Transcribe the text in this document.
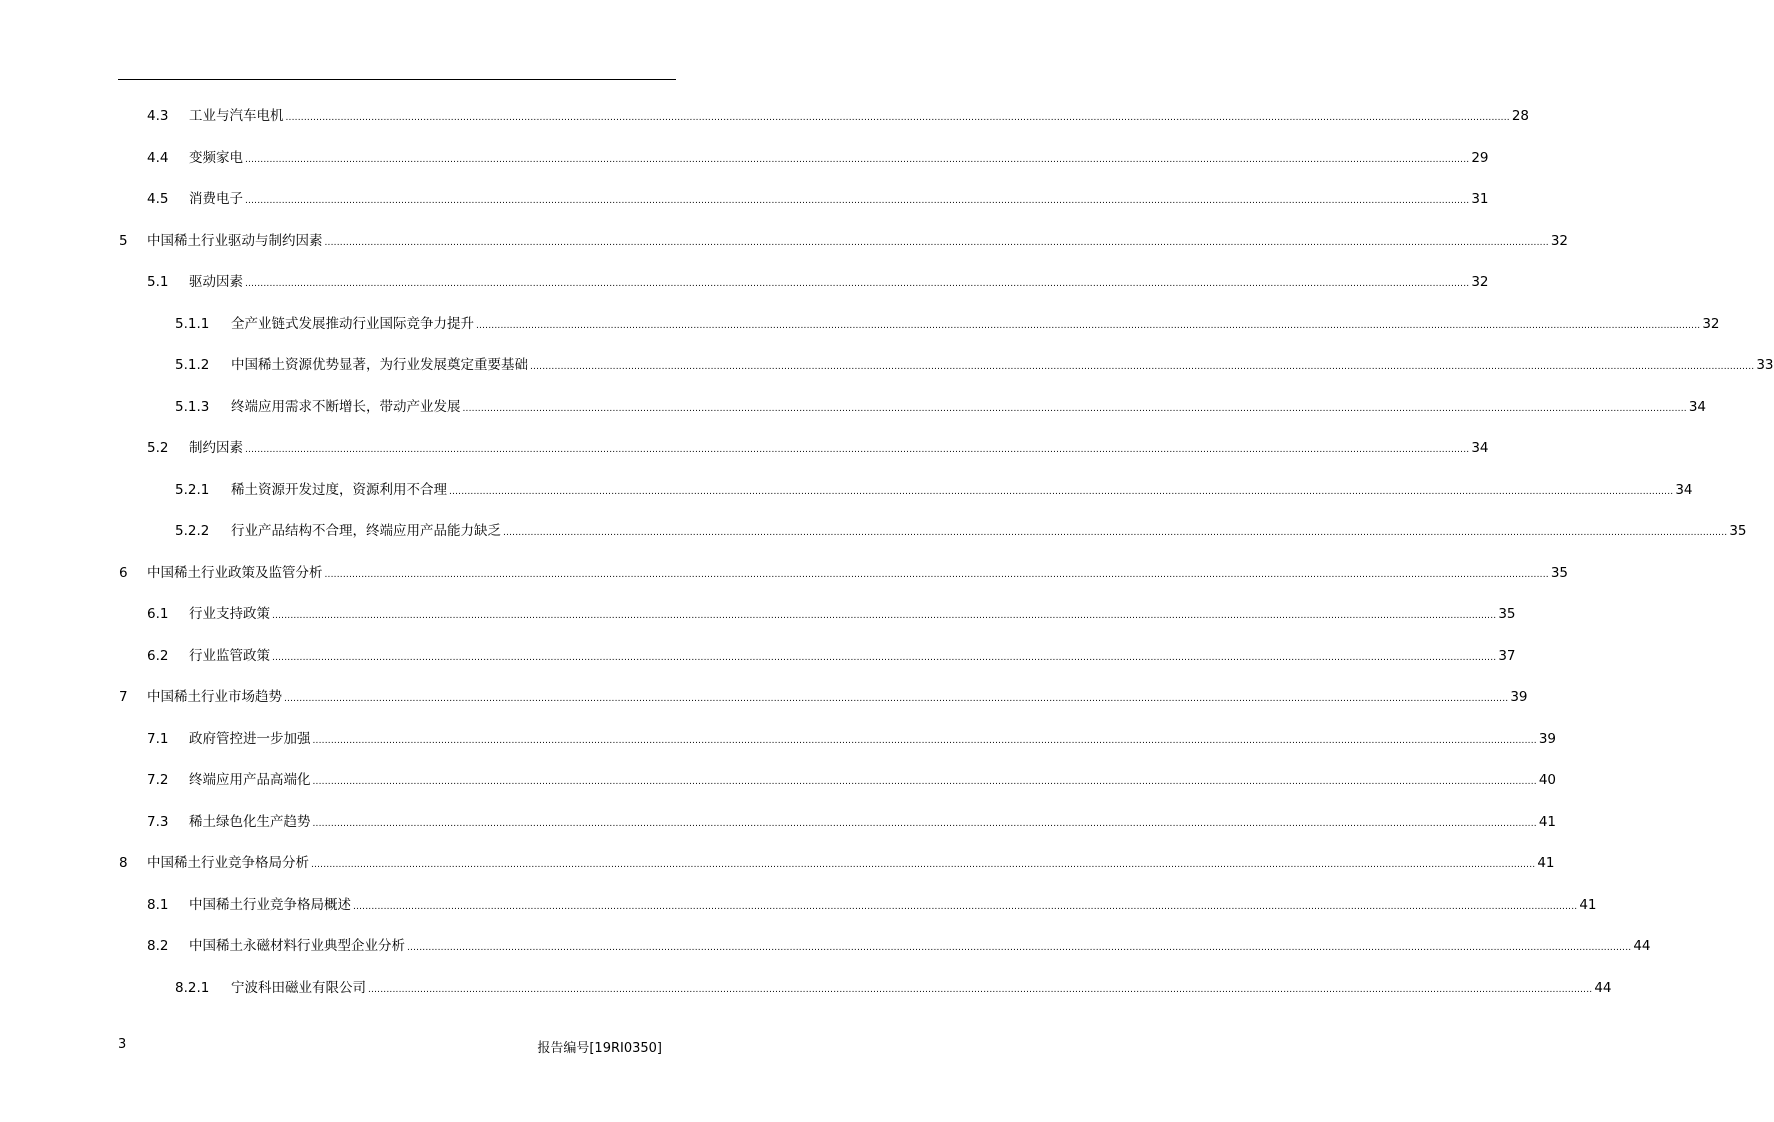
4.3 工业与汽车电机 ................................................................................................................................................................................................................................................................................................................................................................................................................ 28
4.4 变频家电 ................................................................................................................................................................................................................................................................................................................................................................................................................ 29
4.5 消费电子 ................................................................................................................................................................................................................................................................................................................................................................................................................ 31
5 中国稀土行业驱动与制约因素 ................................................................................................................................................................................................................................................................................................................................................................................................................ 32
5.1 驱动因素 ................................................................................................................................................................................................................................................................................................................................................................................................................ 32
5.1.1 全产业链式发展推动行业国际竞争力提升 ................................................................................................................................................................................................................................................................................................................................................................................................................ 32
5.1.2 中国稀土资源优势显著，为行业发展奠定重要基础 ................................................................................................................................................................................................................................................................................................................................................................................................................ 33
5.1.3 终端应用需求不断增长，带动产业发展 ................................................................................................................................................................................................................................................................................................................................................................................................................ 34
5.2 制约因素 ................................................................................................................................................................................................................................................................................................................................................................................................................ 34
5.2.1 稀土资源开发过度，资源利用不合理 ................................................................................................................................................................................................................................................................................................................................................................................................................ 34
5.2.2 行业产品结构不合理，终端应用产品能力缺乏 ................................................................................................................................................................................................................................................................................................................................................................................................................ 35
6 中国稀土行业政策及监管分析 ................................................................................................................................................................................................................................................................................................................................................................................................................ 35
6.1 行业支持政策 ................................................................................................................................................................................................................................................................................................................................................................................................................ 35
6.2 行业监管政策 ................................................................................................................................................................................................................................................................................................................................................................................................................ 37
7 中国稀土行业市场趋势 ................................................................................................................................................................................................................................................................................................................................................................................................................ 39
7.1 政府管控进一步加强 ................................................................................................................................................................................................................................................................................................................................................................................................................ 39
7.2 终端应用产品高端化 ................................................................................................................................................................................................................................................................................................................................................................................................................ 40
7.3 稀土绿色化生产趋势 ................................................................................................................................................................................................................................................................................................................................................................................................................ 41
8 中国稀土行业竞争格局分析 ................................................................................................................................................................................................................................................................................................................................................................................................................ 41
8.1 中国稀土行业竞争格局概述 ................................................................................................................................................................................................................................................................................................................................................................................................................ 41
8.2 中国稀土永磁材料行业典型企业分析 ................................................................................................................................................................................................................................................................................................................................................................................................................ 44
8.2.1 宁波科田磁业有限公司 ................................................................................................................................................................................................................................................................................................................................................................................................................ 44
3	报告编号[19RI0350]
